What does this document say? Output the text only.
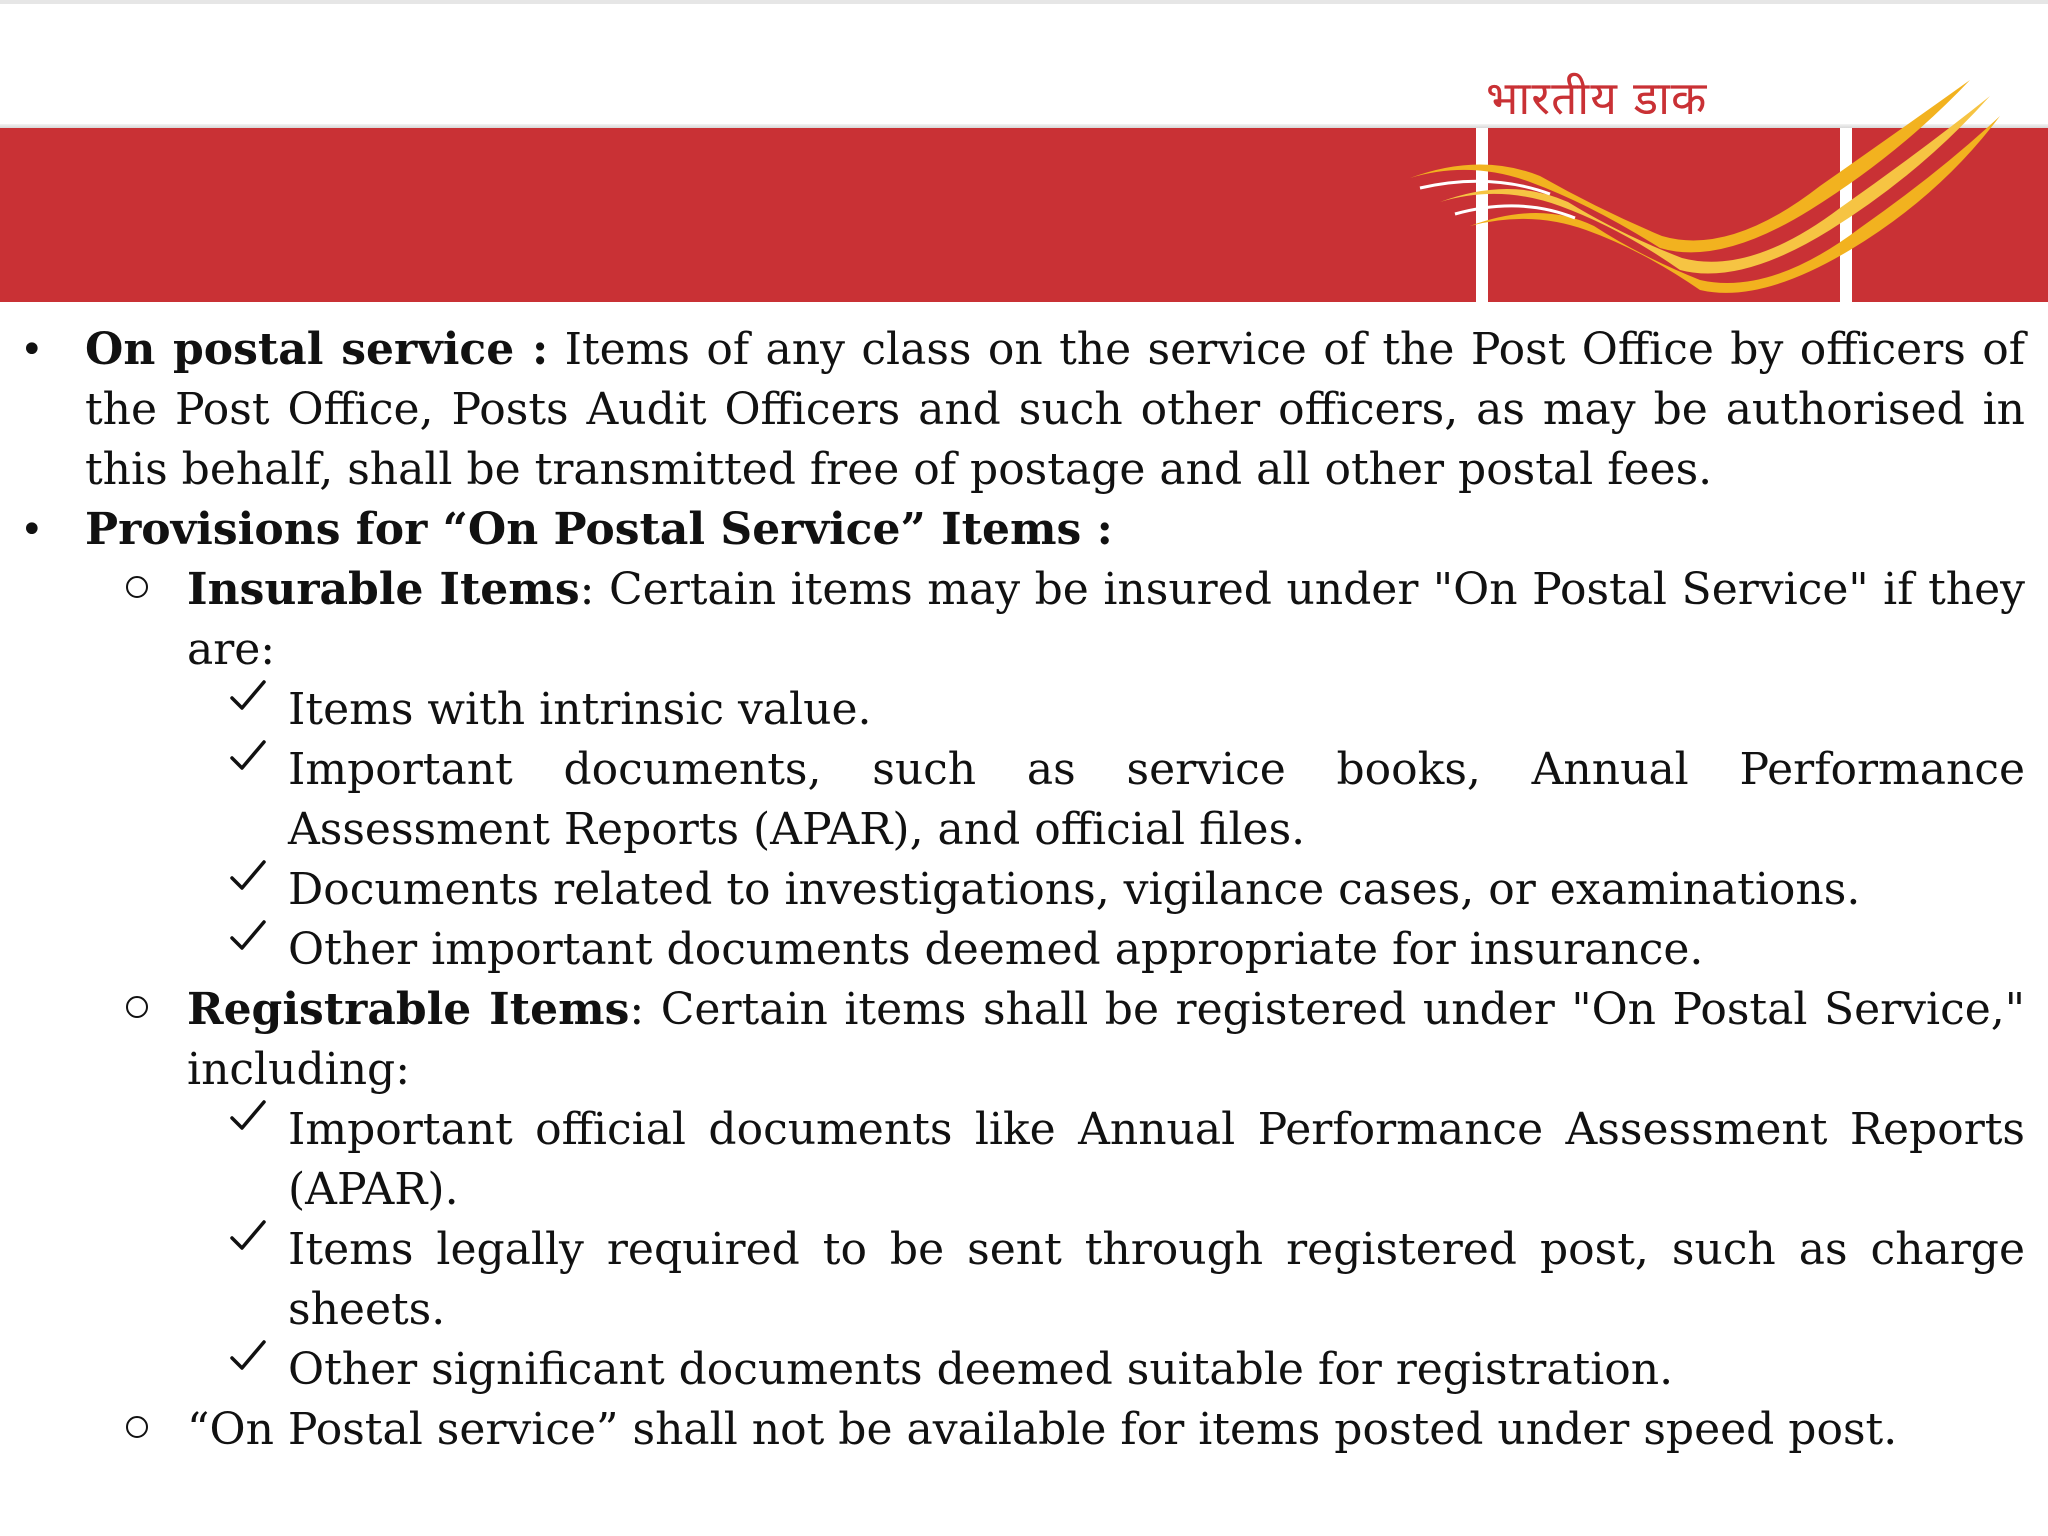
भारतीय डाक
• On postal service : Items of any class on the service of the Post Office by officers of the Post Office, Posts Audit Officers and such other officers, as may be authorised in this behalf, shall be transmitted free of postage and all other postal fees.
• Provisions for “On Postal Service” Items :
Insurable Items: Certain items may be insured under "On Postal Service" if they are:
Items with intrinsic value.
Important documents, such as service books, Annual Performance Assessment Reports (APAR), and official files.
Documents related to investigations, vigilance cases, or examinations.
Other important documents deemed appropriate for insurance.
Registrable Items: Certain items shall be registered under "On Postal Service," including:
Important official documents like Annual Performance Assessment Reports (APAR).
Items legally required to be sent through registered post, such as charge sheets.
Other significant documents deemed suitable for registration.
“On Postal service” shall not be available for items posted under speed post.
